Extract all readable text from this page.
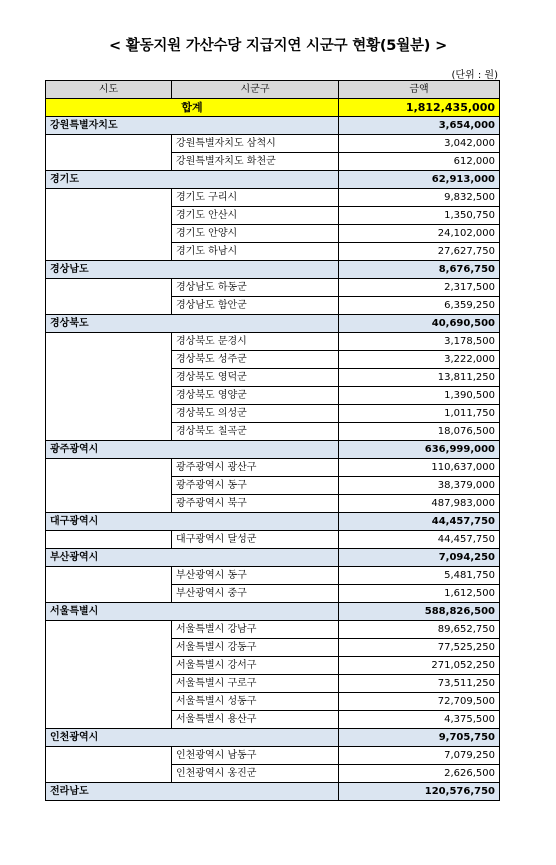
< 활동지원 가산수당 지급지연 시군구 현황(5월분) >
(단위 : 원)
시도	시군구	금액
합계		1,812,435,000
강원특별자치도		3,654,000
	강원특별자치도 삼척시	3,042,000
	강원특별자치도 화천군	612,000
경기도		62,913,000
	경기도 구리시	9,832,500
	경기도 안산시	1,350,750
	경기도 안양시	24,102,000
	경기도 하남시	27,627,750
경상남도		8,676,750
	경상남도 하동군	2,317,500
	경상남도 함안군	6,359,250
경상북도		40,690,500
	경상북도 문경시	3,178,500
	경상북도 성주군	3,222,000
	경상북도 영덕군	13,811,250
	경상북도 영양군	1,390,500
	경상북도 의성군	1,011,750
	경상북도 칠곡군	18,076,500
광주광역시		636,999,000
	광주광역시 광산구	110,637,000
	광주광역시 동구	38,379,000
	광주광역시 북구	487,983,000
대구광역시		44,457,750
	대구광역시 달성군	44,457,750
부산광역시		7,094,250
	부산광역시 동구	5,481,750
	부산광역시 중구	1,612,500
서울특별시		588,826,500
	서울특별시 강남구	89,652,750
	서울특별시 강동구	77,525,250
	서울특별시 강서구	271,052,250
	서울특별시 구로구	73,511,250
	서울특별시 성동구	72,709,500
	서울특별시 용산구	4,375,500
인천광역시		9,705,750
	인천광역시 남동구	7,079,250
	인천광역시 옹진군	2,626,500
전라남도		120,576,750
